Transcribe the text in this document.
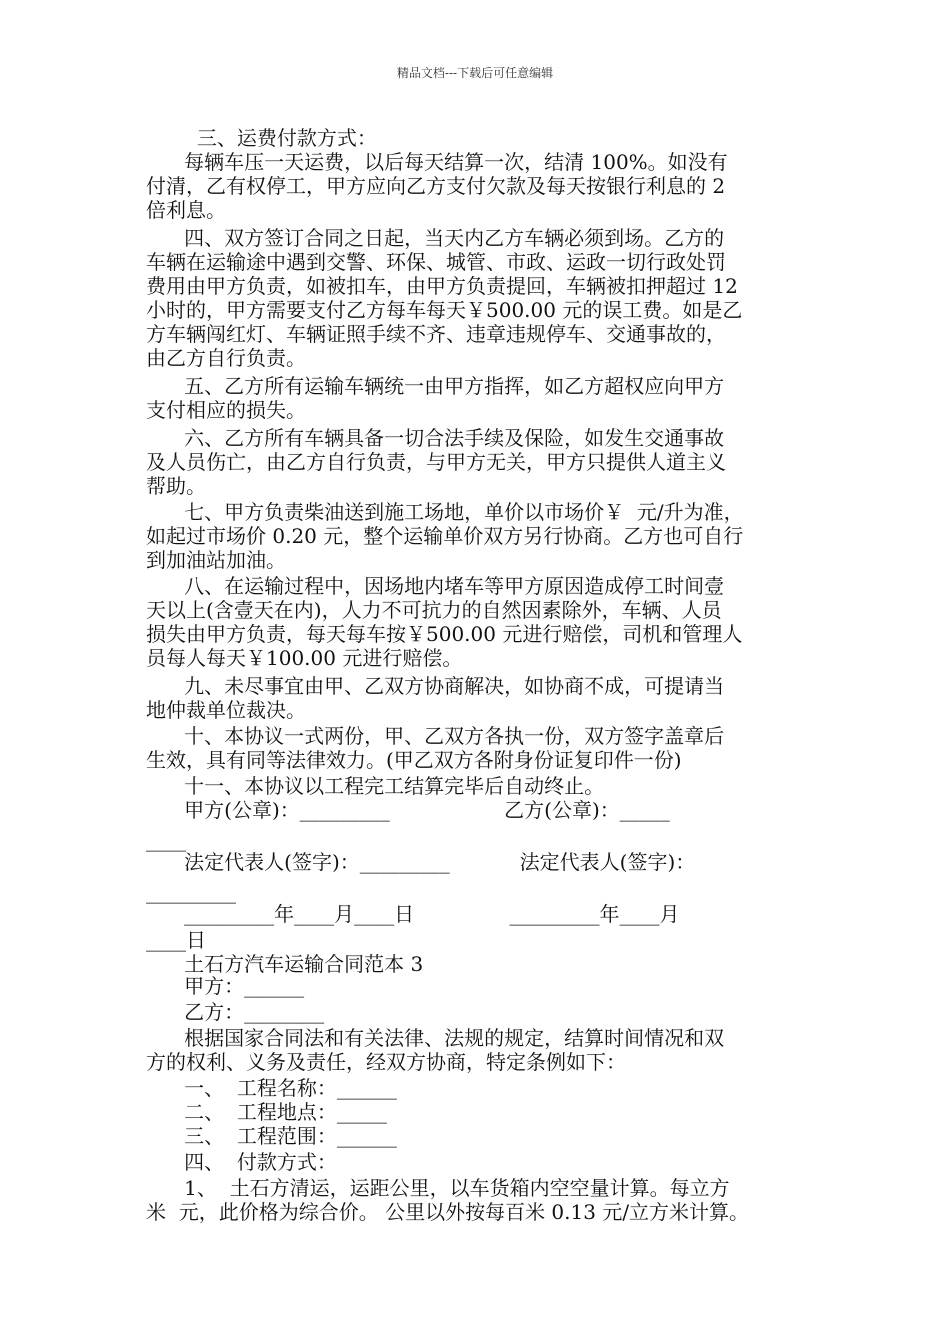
精品文档---下载后可任意编辑
三、运费付款方式：
每辆车压一天运费，以后每天结算一次，结清 100%。如没有
付清，乙有权停工，甲方应向乙方支付欠款及每天按银行利息的 2
倍利息。
四、双方签订合同之日起，当天内乙方车辆必须到场。乙方的
车辆在运输途中遇到交警、环保、城管、市政、运政一切行政处罚
费用由甲方负责，如被扣车，由甲方负责提回，车辆被扣押超过 12
小时的，甲方需要支付乙方每车每天￥500.00 元的误工费。如是乙
方车辆闯红灯、车辆证照手续不齐、违章违规停车、交通事故的，
由乙方自行负责。
五、乙方所有运输车辆统一由甲方指挥，如乙方超权应向甲方
支付相应的损失。
六、乙方所有车辆具备一切合法手续及保险，如发生交通事故
及人员伤亡，由乙方自行负责，与甲方无关，甲方只提供人道主义
帮助。
七、甲方负责柴油送到施工场地，单价以市场价￥  元/升为准，
如起过市场价 0.20 元，整个运输单价双方另行协商。乙方也可自行
到加油站加油。
八、在运输过程中，因场地内堵车等甲方原因造成停工时间壹
天以上(含壹天在内)，人力不可抗力的自然因素除外，车辆、人员
损失由甲方负责，每天每车按￥500.00 元进行赔偿，司机和管理人
员每人每天￥100.00 元进行赔偿。
九、未尽事宜由甲、乙双方协商解决，如协商不成，可提请当
地仲裁单位裁决。
十、本协议一式两份，甲、乙双方各执一份，双方签字盖章后
生效，具有同等法律效力。(甲乙双方各附身份证复印件一份)
十一、本协议以工程完工结算完毕后自动终止。
甲方(公章)：_________                  乙方(公章)：_____
____
法定代表人(签字)：_________           法定代表人(签字)：
_________
_________年____月____日               _________年____月
____日
土石方汽车运输合同范本 3
甲方：______
乙方：________
根据国家合同法和有关法律、法规的规定，结算时间情况和双
方的权利、义务及责任，经双方协商，特定条例如下：
一、  工程名称：______
二、  工程地点：_____
三、  工程范围：______
四、  付款方式：
1、  土石方清运，运距公里，以车货箱内空空量计算。每立方
米  元，此价格为综合价。 公里以外按每百米 0.13 元/立方米计算。
